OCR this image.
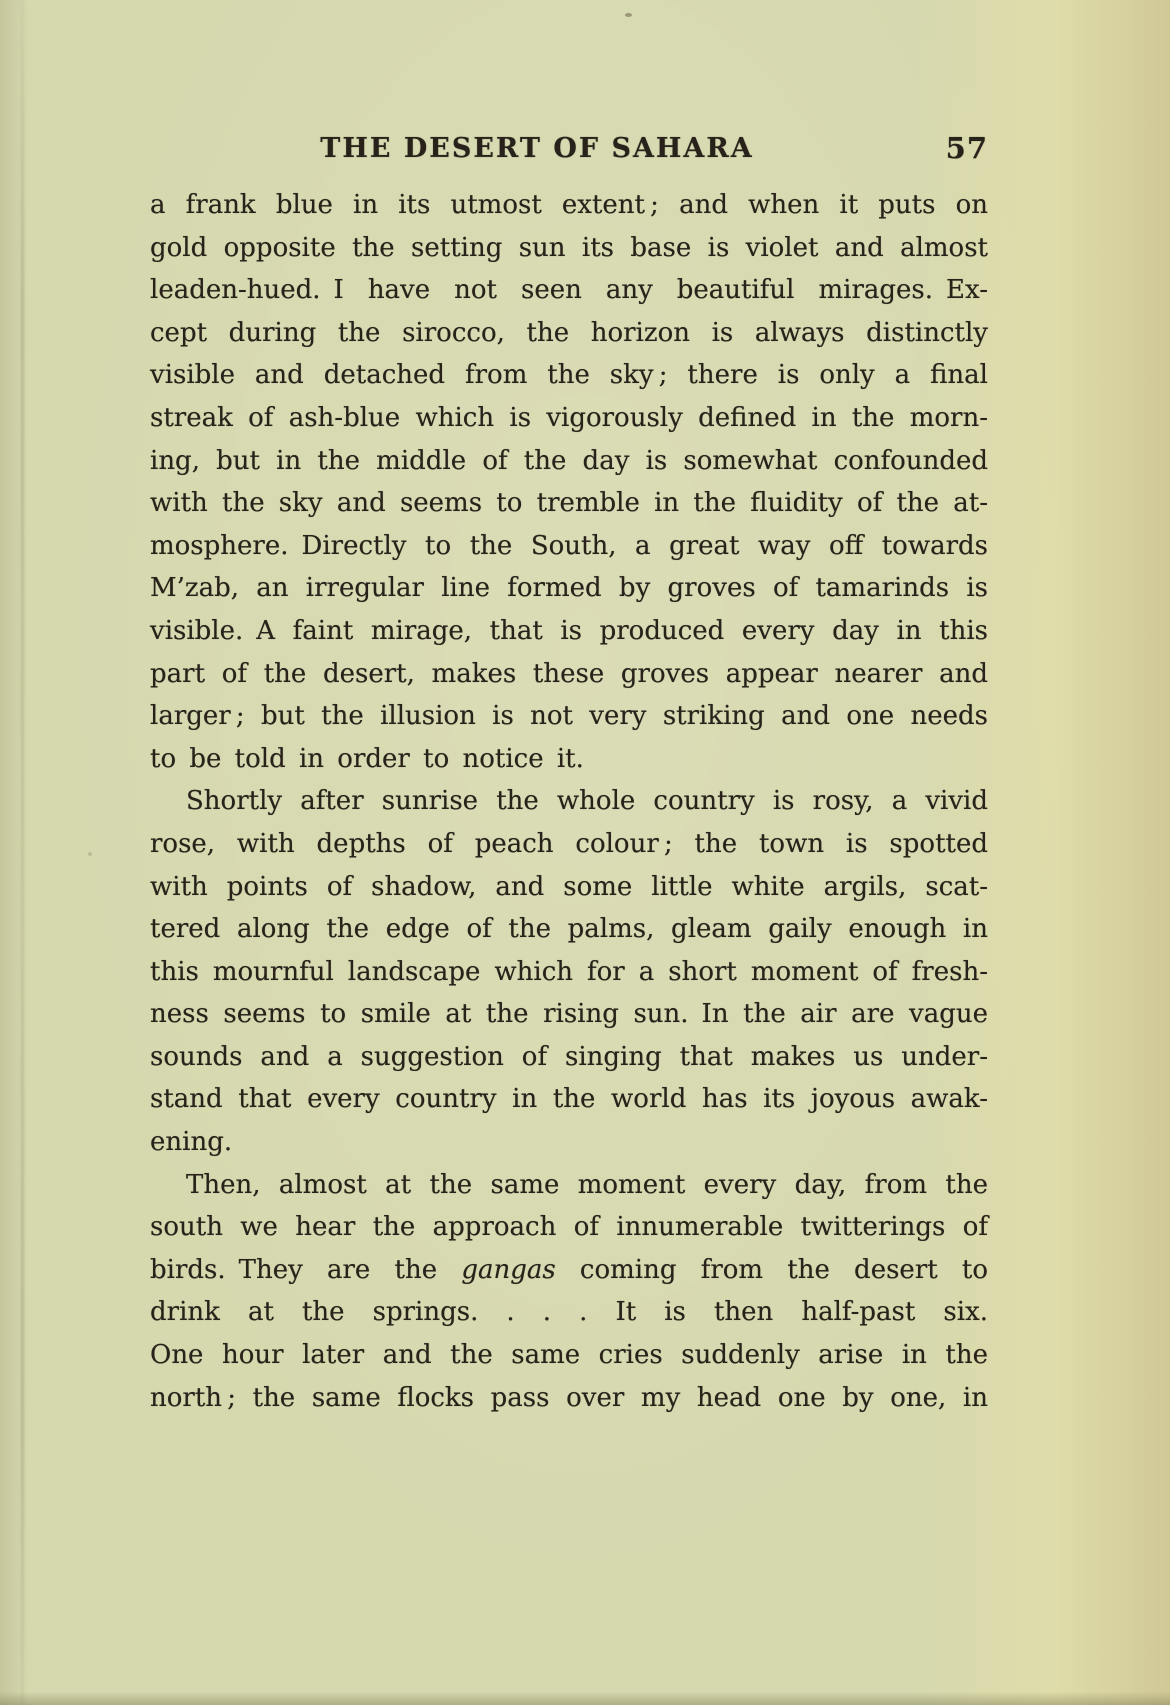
THE DESERT OF SAHARA	57
a frank blue in its utmost extent ; and when it puts on
gold opposite the setting sun its base is violet and almost
leaden-hued. I have not seen any beautiful mirages. Ex-
cept during the sirocco, the horizon is always distinctly
visible and detached from the sky ; there is only a final
streak of ash-blue which is vigorously defined in the morn-
ing, but in the middle of the day is somewhat confounded
with the sky and seems to tremble in the fluidity of the at-
mosphere. Directly to the South, a great way off towards
M’zab, an irregular line formed by groves of tamarinds is
visible. A faint mirage, that is produced every day in this
part of the desert, makes these groves appear nearer and
larger ; but the illusion is not very striking and one needs
to be told in order to notice it.
Shortly after sunrise the whole country is rosy, a vivid
rose, with depths of peach colour ; the town is spotted
with points of shadow, and some little white argils, scat-
tered along the edge of the palms, gleam gaily enough in
this mournful landscape which for a short moment of fresh-
ness seems to smile at the rising sun. In the air are vague
sounds and a suggestion of singing that makes us under-
stand that every country in the world has its joyous awak-
ening.
Then, almost at the same moment every day, from the
south we hear the approach of innumerable twitterings of
birds. They are the gangas coming from the desert to
drink at the springs. . . . It is then half-past six.
One hour later and the same cries suddenly arise in the
north ; the same flocks pass over my head one by one, in
